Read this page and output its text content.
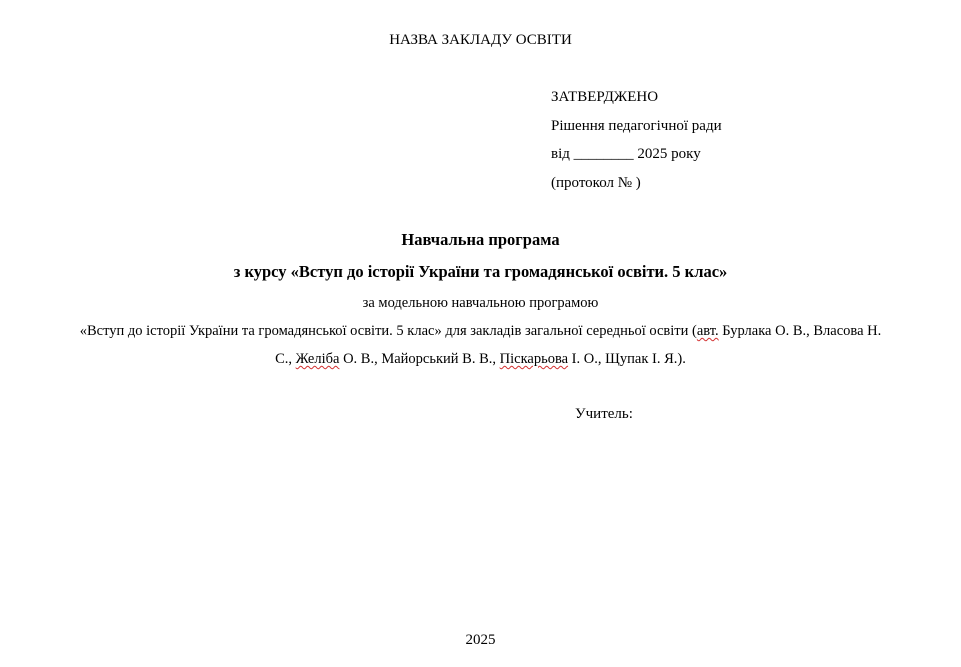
НАЗВА ЗАКЛАДУ ОСВІТИ
ЗАТВЕРДЖЕНО
Рішення педагогічної ради
від ________ 2025 року
(протокол № )
Навчальна програма
з курсу «Вступ до історії України та громадянської освіти. 5 клас»
за модельною навчальною програмою
«Вступ до історії України та громадянської освіти. 5 клас» для закладів загальної середньої освіти (авт. Бурлака О. В., Власова Н.
С., Желіба О. В., Майорський В. В., Піскарьова І. О., Щупак І. Я.).
Учитель:
2025
